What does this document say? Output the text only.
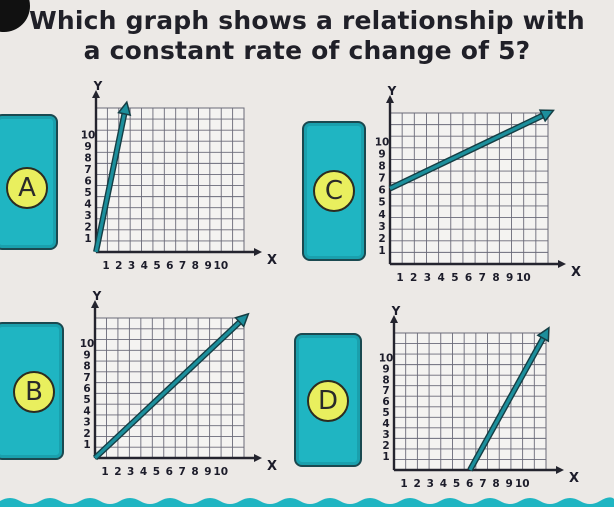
Which graph shows a relationship with
a constant rate of change of 5?
A	C
B	D
Y
X
1
2
3
4
5
6
7
8
9
10
1 2 3 4 5 6 7 8 9 10
Y
X
1
2
3
4
5
6
7
8
9
10
1 2 3 4 5 6 7 8 9 10
Y
X
1
2
3
4
5
6
7
8
9
10
1 2 3 4 5 6 7 8 9 10
Y
X
1
2
3
4
5
6
7
8
9
10
1 2 3 4 5 6 7 8 9 10
